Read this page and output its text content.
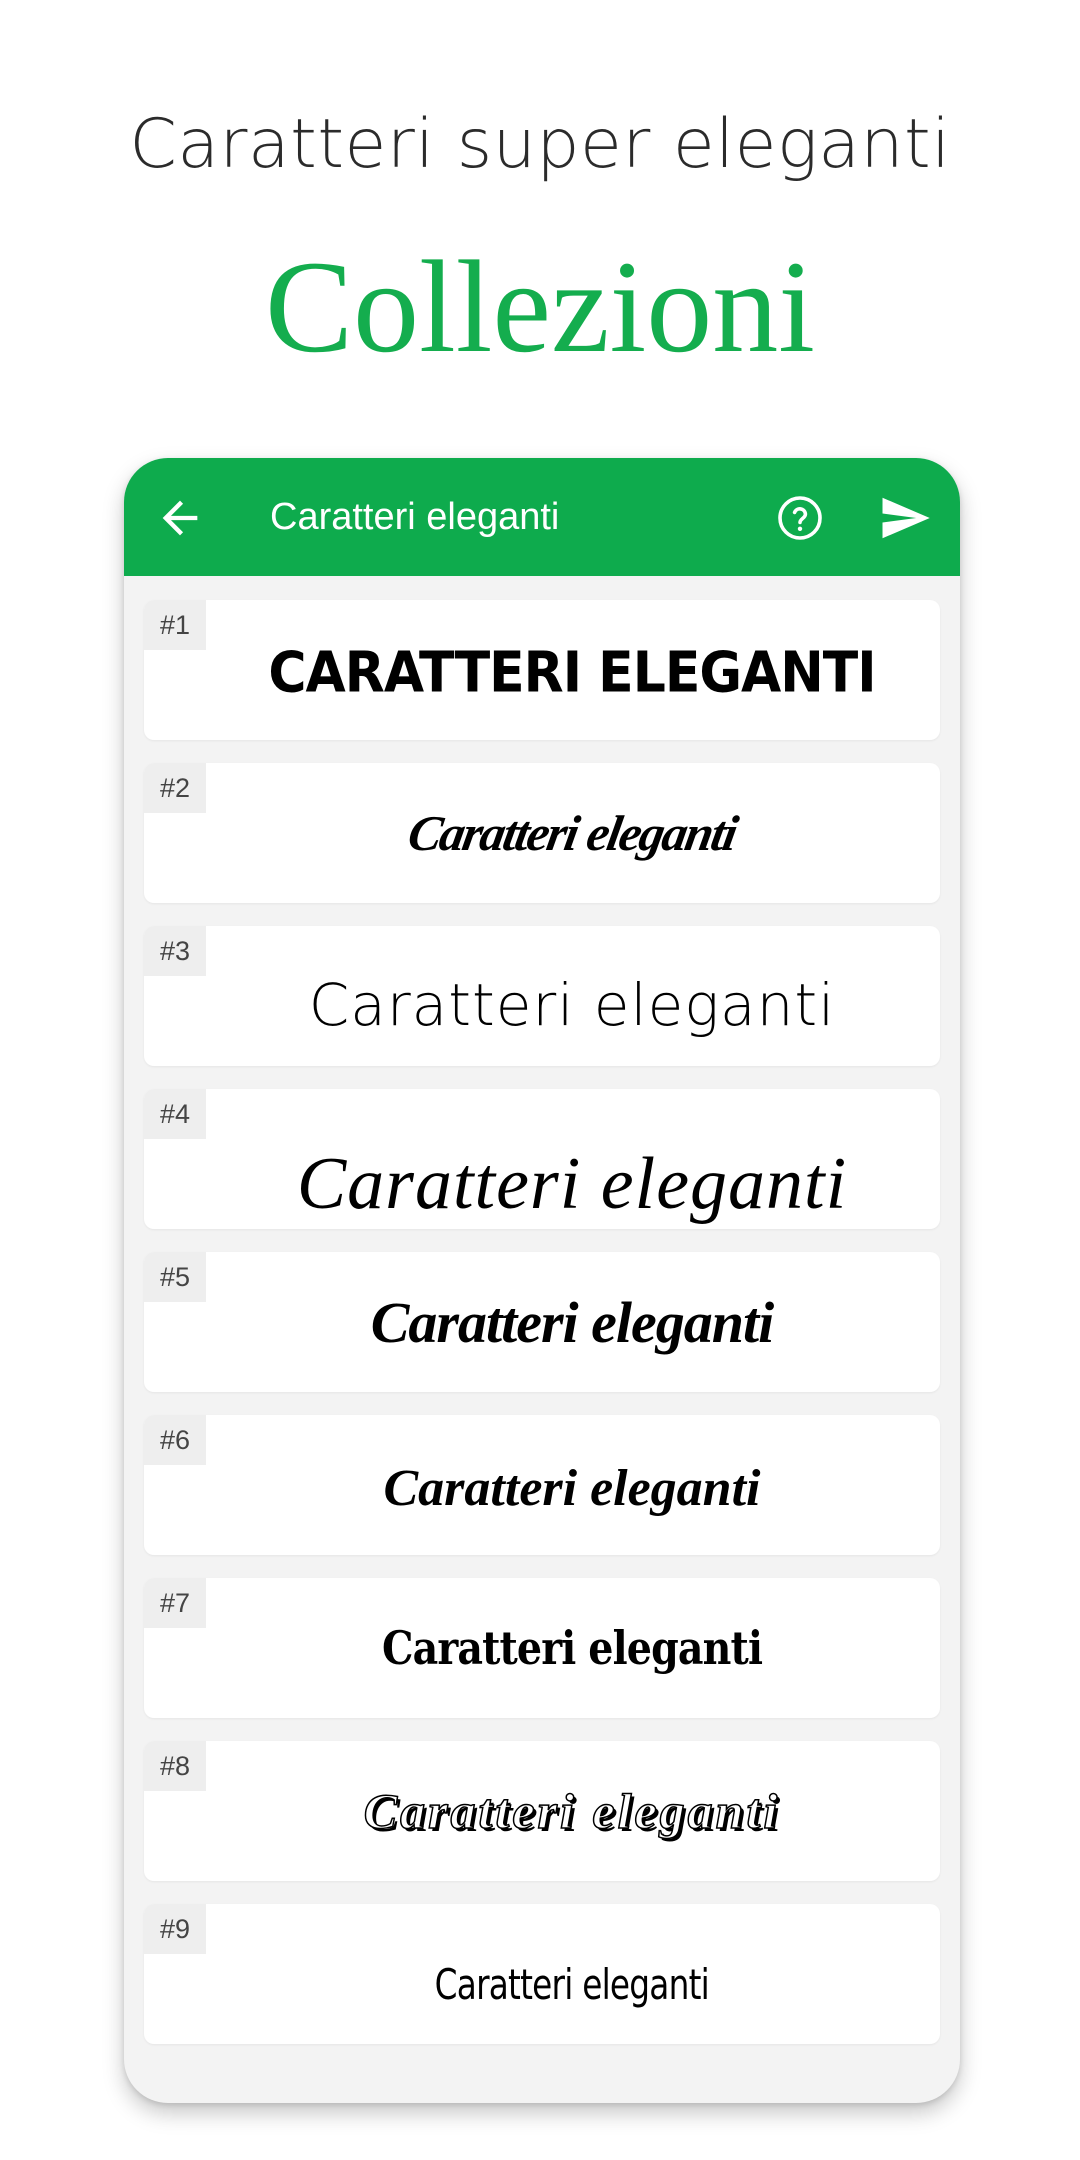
Caratteri super eleganti
Collezioni
Caratteri eleganti
#1
CARATTERI ELEGANTI
#2
Caratteri eleganti
#3
Caratteri eleganti
#4
Caratteri eleganti
#5
Caratteri eleganti
#6
Caratteri eleganti
#7
Caratteri eleganti
#8
Caratteri eleganti
#9
Caratteri eleganti
